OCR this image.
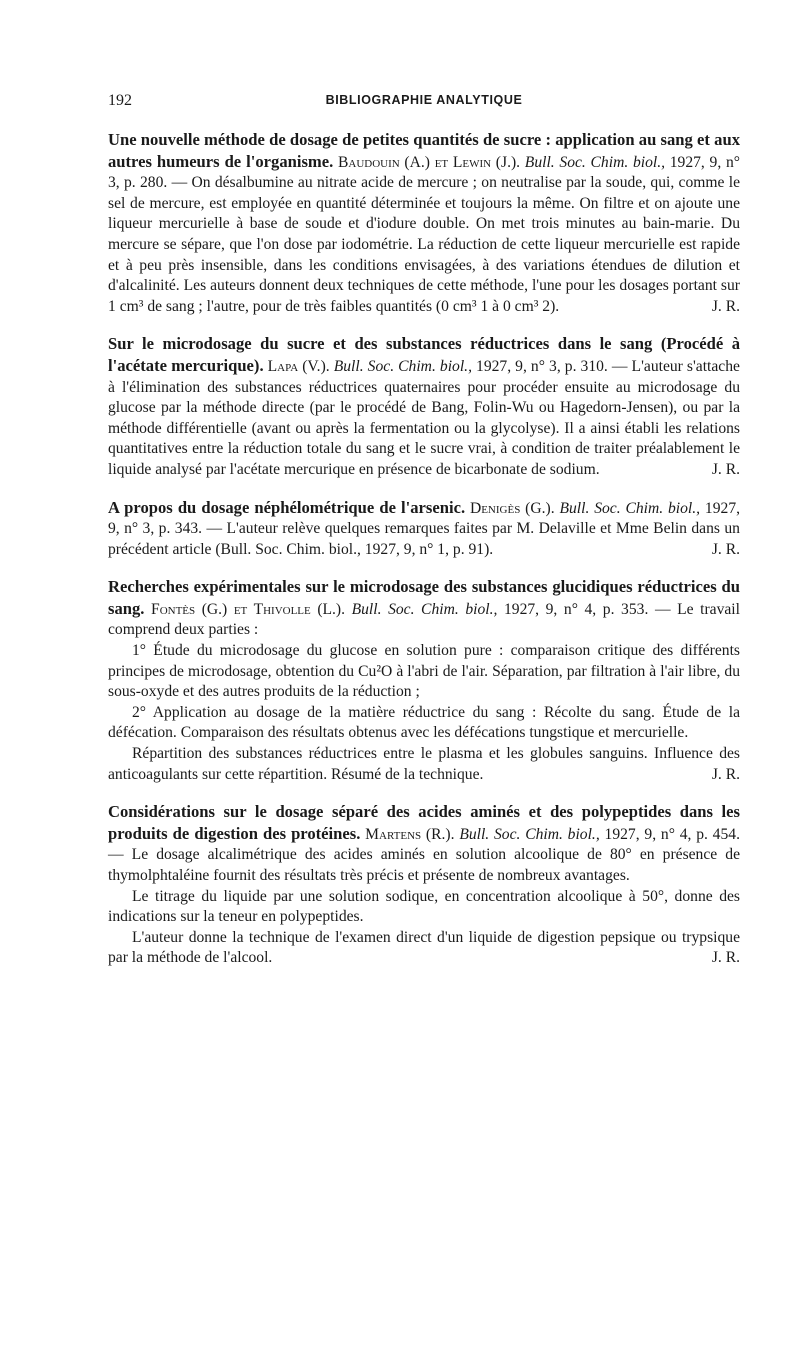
192	BIBLIOGRAPHIE ANALYTIQUE

Une nouvelle méthode de dosage de petites quantités de sucre : application au sang et aux autres humeurs de l'organisme. Baudouin (A.) et Lewin (J.). Bull. Soc. Chim. biol., 1927, 9, n° 3, p. 280. — On désalbumine au nitrate acide de mercure ; on neutralise par la soude, qui, comme le sel de mercure, est employée en quantité déterminée et toujours la même. On filtre et on ajoute une liqueur mercurielle à base de soude et d'iodure double. On met trois minutes au bain-marie. Du mercure se sépare, que l'on dose par iodométrie. La réduction de cette liqueur mercurielle est rapide et à peu près insensible, dans les conditions envisagées, à des variations étendues de dilution et d'alcalinité. Les auteurs donnent deux techniques de cette méthode, l'une pour les dosages portant sur 1 cm³ de sang ; l'autre, pour de très faibles quantités (0 cm³ 1 à 0 cm³ 2).	J. R.

Sur le microdosage du sucre et des substances réductrices dans le sang (Procédé à l'acétate mercurique). Lapa (V.). Bull. Soc. Chim. biol., 1927, 9, n° 3, p. 310. — L'auteur s'attache à l'élimination des substances réductrices quaternaires pour procéder ensuite au microdosage du glucose par la méthode directe (par le procédé de Bang, Folin-Wu ou Hagedorn-Jensen), ou par la méthode différentielle (avant ou après la fermentation ou la glycolyse). Il a ainsi établi les relations quantitatives entre la réduction totale du sang et le sucre vrai, à condition de traiter préalablement le liquide analysé par l'acétate mercurique en présence de bicarbonate de sodium.	J. R.

A propos du dosage néphélométrique de l'arsenic. Denigès (G.). Bull. Soc. Chim. biol., 1927, 9, n° 3, p. 343. — L'auteur relève quelques remarques faites par M. Delaville et Mme Belin dans un précédent article (Bull. Soc. Chim. biol., 1927, 9, n° 1, p. 91).	J. R.

Recherches expérimentales sur le microdosage des substances glucidiques réductrices du sang. Fontès (G.) et Thivolle (L.). Bull. Soc. Chim. biol., 1927, 9, n° 4, p. 353. — Le travail comprend deux parties :

1° Étude du microdosage du glucose en solution pure : comparaison critique des différents principes de microdosage, obtention du Cu²O à l'abri de l'air. Séparation, par filtration à l'air libre, du sous-oxyde et des autres produits de la réduction ;

2° Application au dosage de la matière réductrice du sang : Récolte du sang. Étude de la défécation. Comparaison des résultats obtenus avec les défécations tungstique et mercurielle.

Répartition des substances réductrices entre le plasma et les globules sanguins. Influence des anticoagulants sur cette répartition. Résumé de la technique.	J. R.

Considérations sur le dosage séparé des acides aminés et des polypeptides dans les produits de digestion des protéines. Martens (R.). Bull. Soc. Chim. biol., 1927, 9, n° 4, p. 454. — Le dosage alcalimétrique des acides aminés en solution alcoolique de 80° en présence de thymolphtaléine fournit des résultats très précis et présente de nombreux avantages.

Le titrage du liquide par une solution sodique, en concentration alcoolique à 50°, donne des indications sur la teneur en polypeptides.

L'auteur donne la technique de l'examen direct d'un liquide de digestion pepsique ou trypsique par la méthode de l'alcool.	J. R.
